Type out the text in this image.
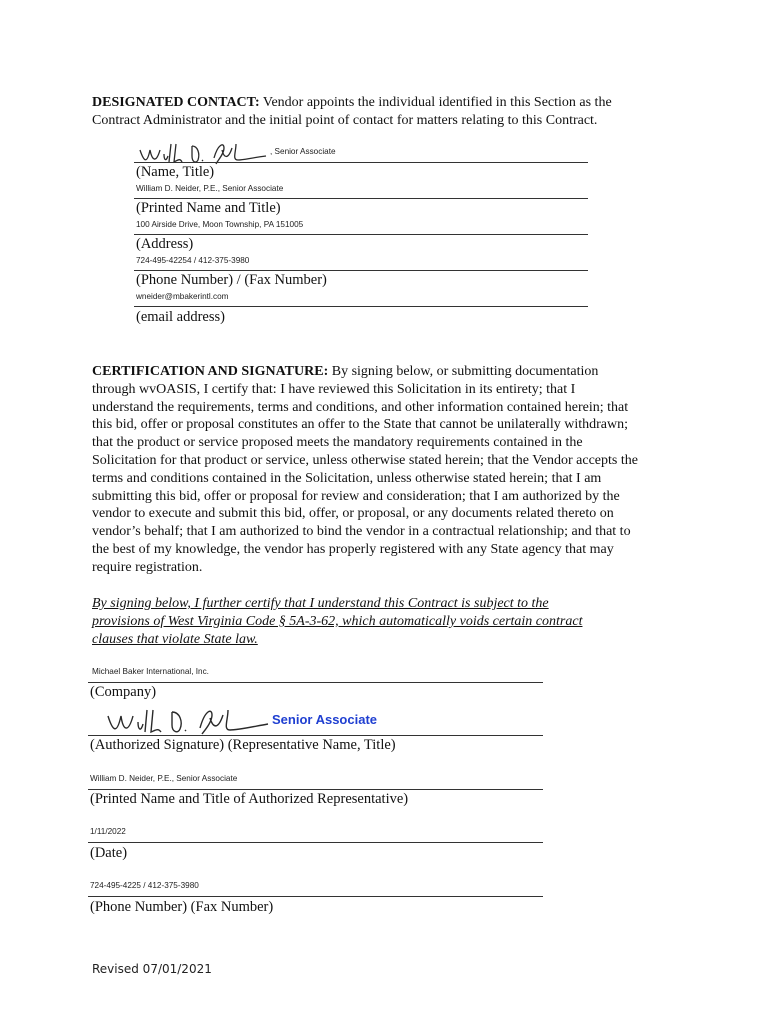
DESIGNATED CONTACT: Vendor appoints the individual identified in this Section as the
Contract Administrator and the initial point of contact for matters relating to this Contract.
, Senior Associate
(Name, Title)
William D. Neider, P.E., Senior Associate
(Printed Name and Title)
100 Airside Drive, Moon Township, PA 151005
(Address)
724-495-42254 / 412-375-3980
(Phone Number) / (Fax Number)
wneider@mbakerintl.com
(email address)
CERTIFICATION AND SIGNATURE: By signing below, or submitting documentation
through wvOASIS, I certify that: I have reviewed this Solicitation in its entirety; that I
understand the requirements, terms and conditions, and other information contained herein; that
this bid, offer or proposal constitutes an offer to the State that cannot be unilaterally withdrawn;
that the product or service proposed meets the mandatory requirements contained in the
Solicitation for that product or service, unless otherwise stated herein; that the Vendor accepts the
terms and conditions contained in the Solicitation, unless otherwise stated herein; that I am
submitting this bid, offer or proposal for review and consideration; that I am authorized by the
vendor to execute and submit this bid, offer, or proposal, or any documents related thereto on
vendor’s behalf; that I am authorized to bind the vendor in a contractual relationship; and that to
the best of my knowledge, the vendor has properly registered with any State agency that may
require registration.
By signing below, I further certify that I understand this Contract is subject to the
provisions of West Virginia Code § 5A-3-62, which automatically voids certain contract
clauses that violate State law.
Michael Baker International, Inc.
(Company)
Senior Associate
(Authorized Signature) (Representative Name, Title)
William D. Neider, P.E., Senior Associate
(Printed Name and Title of Authorized Representative)
1/11/2022
(Date)
724-495-4225 / 412-375-3980
(Phone Number) (Fax Number)
Revised 07/01/2021
